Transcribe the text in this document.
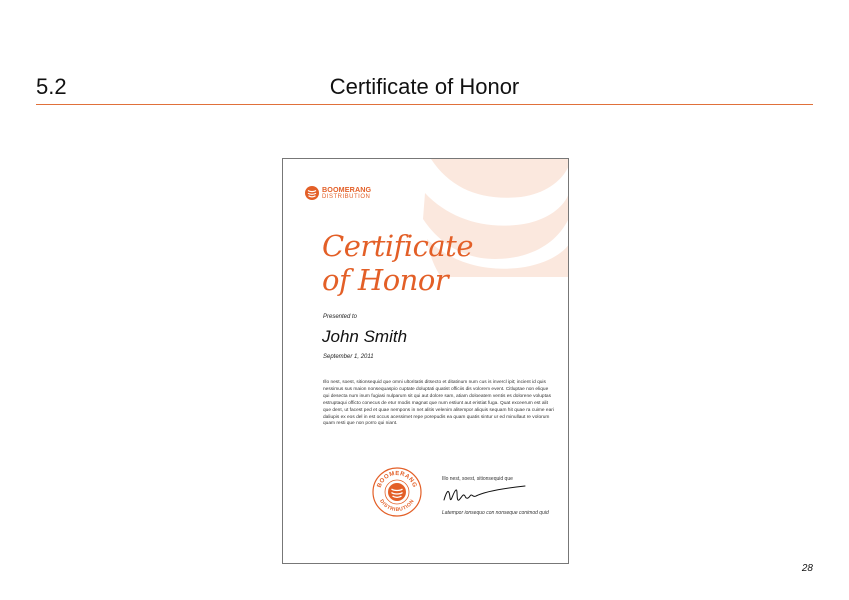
5.2	Certificate of Honor
BOOMERANG
DISTRIBUTION
Certificate
of Honor
Presented to
John Smith
September 1, 2011
Illo nest, soest, sitionsequid que omni ultoritatis ditsecto et ditatinum num cus is invercl ipit; incient id quis nessimus sus maion nonsequaspio cuptate doluptati quatist officiis dis volorem event. Citluptae non elique qui desecta num inum fugiasi nulparum sit qui aut dolore sam, atiam doloeatem ventis es dolorene voluptas estruptaqui officto conecus de etur modis magnat que num estiunt aut eristiat fuga. Quat exceerum est alit que dent, ut facest ped et quae nempons in net alitis velenim alitempor aliquis sequam hit quae ra cuime eari daliupis ex eos del in est occus acessimet repe porepudis ea quam quatis sintur ur ed minullaut re volorum quam resti que non porro qui niant.
BOOMERANG
DISTRIBUTION
Illo nest, soest, sitionsequid que
Latempor ionsequo con nonseque conimod quid
28
